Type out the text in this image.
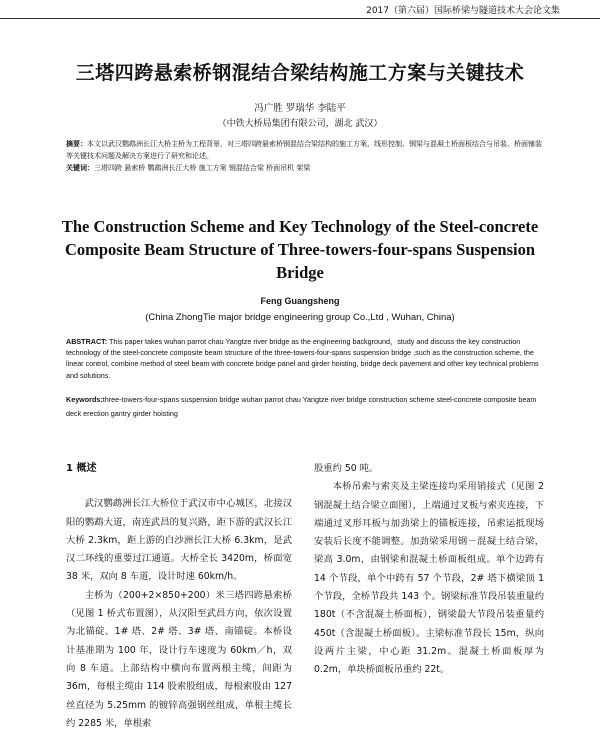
2017（第六届）国际桥梁与隧道技术大会论文集
三塔四跨悬索桥钢混结合梁结构施工方案与关键技术
冯广胜 罗瑞华 李陆平
（中铁大桥局集团有限公司，湖北 武汉）
摘要：本文以武汉鹦鹉洲长江大桥主桥为工程背景，对三塔四跨悬索桥钢混结合梁结构的施工方案、线形控制、钢梁与混凝土桥面板结合与吊装、桥面铺装等关键技术问题及解决方案进行了研究和论述。
关键词：三塔四跨 悬索桥 鹦鹉洲长江大桥 施工方案 钢混结合梁 桥面吊机 架梁
The Construction Scheme and Key Technology of the Steel-concrete
Composite Beam Structure of Three-towers-four-spans Suspension
Bridge
Feng Guangsheng
(China ZhongTie major bridge engineering group Co.,Ltd , Wuhan, China)
ABSTRACT: This paper takes wuhan parrot chau Yangtze river bridge as the engineering background，study and discuss the key construction technology of the steel-concrete composite beam structure of the three-towers-four-spans suspension bridge ,such as the construction scheme, the linear control, combine method of steel beam with concrete bridge panel and girder hoisting, bridge deck pavement and other key technical problems and solutions.
Keywords:three-towers-four-spans suspension bridge wuhan parrot chau Yangtze river bridge construction scheme steel-concrete composite beam deck erection gantry girder hoisting
1 概述

武汉鹦鹉洲长江大桥位于武汉市中心城区，北接汉阳的鹦鹉大道，南连武昌的复兴路，距下游的武汉长江大桥 2.3km，距上游的白沙洲长江大桥 6.3km，是武汉二环线的重要过江通道。大桥全长 3420m，桥面宽 38 米，双向 8 车道，设计时速 60km/h。

主桥为（200+2×850+200）米三塔四跨悬索桥（见图 1 桥式布置图），从汉阳至武昌方向，依次设置为北锚碇、1# 塔、2# 塔、3# 塔、南锚碇。本桥设计基准期为 100 年，设计行车速度为 60km／h，双向 8 车道。上部结构中横向布置两根主缆，间距为 36m，每根主缆由 114 股索股组成，每根索股由 127 丝直径为 5.25mm 的镀锌高强钢丝组成，单根主缆长约 2285 米，单根索

股重约 50 吨。

本桥吊索与索夹及主梁连接均采用销接式（见图 2 钢混凝土结合梁立面图），上端通过叉板与索夹连接，下端通过叉形耳板与加劲梁上的锚板连接，吊索运抵现场安装后长度不能调整。加劲梁采用钢－混凝土结合梁，梁高 3.0m，由钢梁和混凝土桥面板组成。单个边跨有 14 个节段，单个中跨有 57 个节段，2# 塔下横梁顶 1 个节段，全桥节段共 143 个。钢梁标准节段吊装重量约 180t（不含混凝土桥面板），钢梁最大节段吊装重量约 450t（含混凝土桥面板）。主梁标准节段长 15m，纵向设两片主梁，中心距 31.2m。混凝土桥面板厚为 0.2m，单块桥面板吊重约 22t。
